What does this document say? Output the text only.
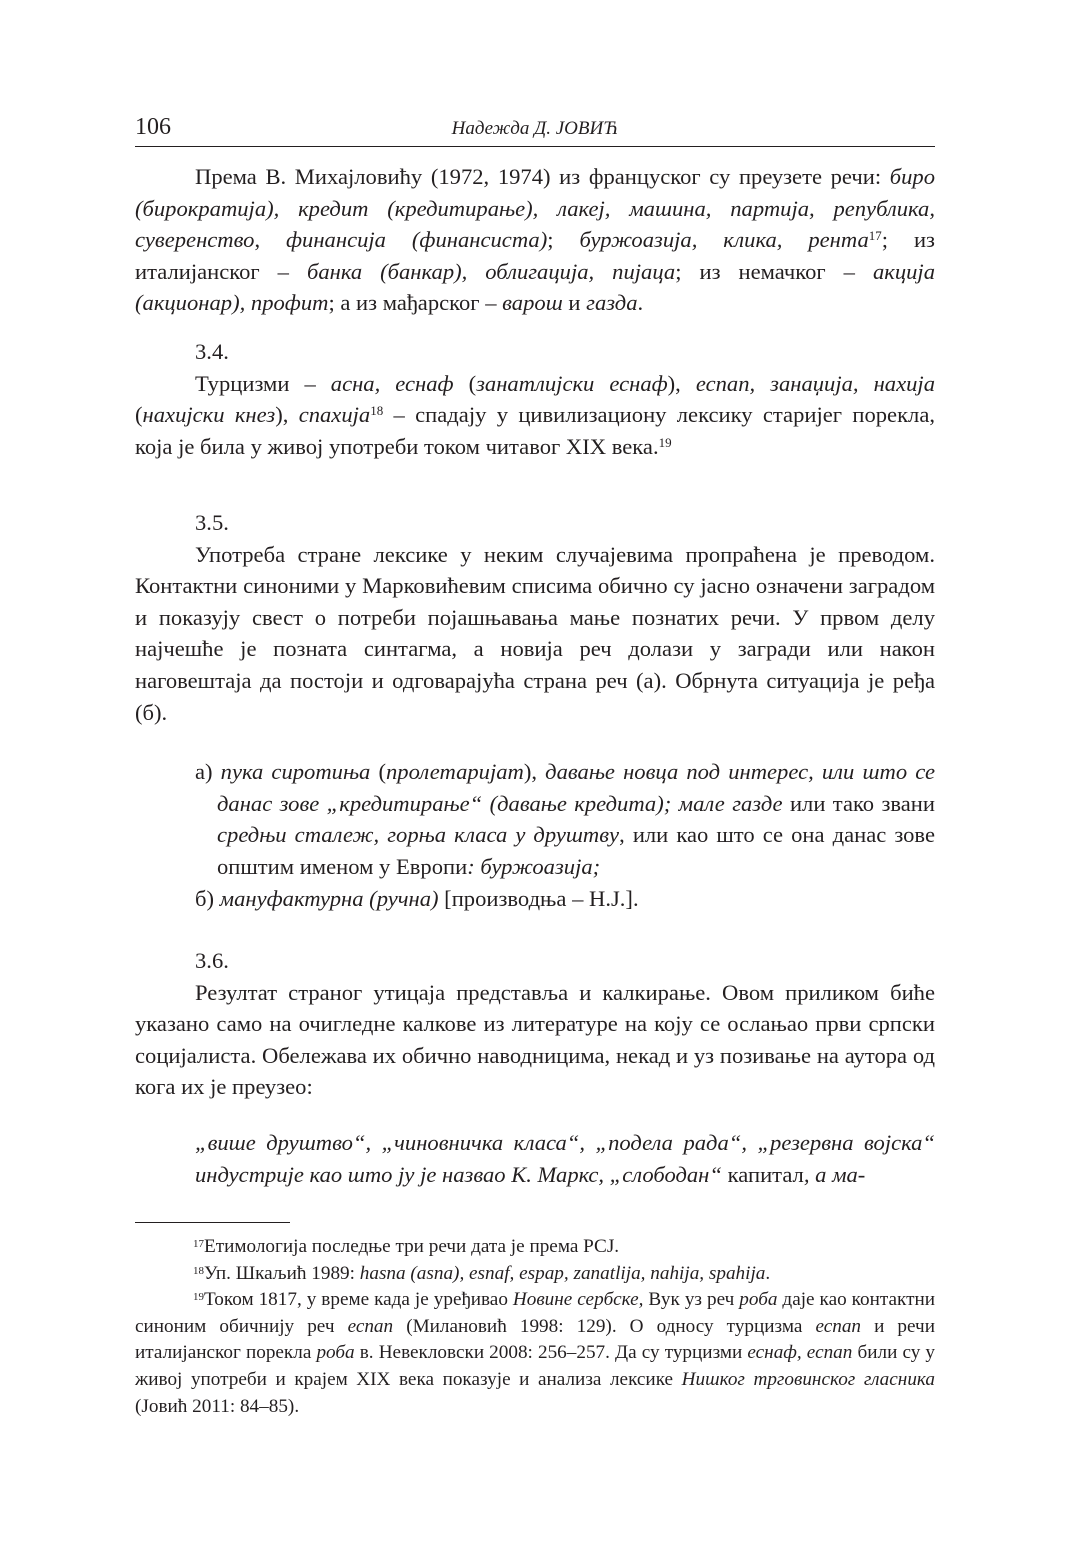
106	Надежда Д. ЈОВИЋ

Према В. Михајловићу (1972, 1974) из француског су преузете речи: биро (бирократија), кредит (кредитирање), лакеј, машина, партија, република, суверенство, финансија (финансиста); буржоазија, клика, рента$^{17}$; из италијанског – банка (банкар), облигација, пијаца; из немачког – акција (акционар), профит; а из мађарског – варош и газда.

3.4.

Турцизми – асна, еснаф (занатлијски еснаф), еспап, занаџија, нахија (нахијски кнез), спахија$^{18}$ – спадају у цивилизациону лексику старијег порекла, која је била у живој употреби током читавог XIX века.$^{19}$

3.5.

Употреба стране лексике у неким случајевима пропраћена је преводом. Контактни синоними у Марковићевим списима обично су јасно означени заградом и показују свест о потреби појашњавања мање познатих речи. У првом делу најчешће је позната синтагма, а новија реч долази у загради или након наговештаја да постоји и одговарајућа страна реч (а). Обрнута ситуација је ређа (б).

а) пука сиротиња (пролетаријат), давање новца под интерес, или што се данас зове „кредитирање“ (давање кредита); мале газде или тако звани средњи сталеж, горња класа у друштву, или као што се она данас зове општим именом у Европи: буржоазија;

б) мануфактурна (ручна) [производња – Н.Ј.].

3.6.

Резултат страног утицаја представља и калкирање. Овом приликом биће указано само на очигледне калкове из литературе на коју се ослањао први српски социјалиста. Обележава их обично наводницима, некад и уз позивање на аутора од кога их је преузео:

„више друштво“, „чиновничка класа“, „подела рада“, „резервна војска“ индустрије као што ју је назвао К. Маркс, „слободан“ капитал, а ма-

$^{17}$Етимологија последње три речи дата је према РСЈ.

$^{18}$Уп. Шкаљић 1989: hasna (asna), esnaf, espap, zanatlija, nahija, spahija.

$^{19}$Током 1817, у време када је уређивао Новине сербске, Вук уз реч роба даје као контактни синоним обичнију реч еспап (Милановић 1998: 129). О односу турцизма еспап и речи италијанског порекла роба в. Невекловски 2008: 256–257. Да су турцизми еснаф, еспап били су у живој употреби и крајем XIX века показује и анализа лексике Нишког трговинског гласника (Јовић 2011: 84–85).
